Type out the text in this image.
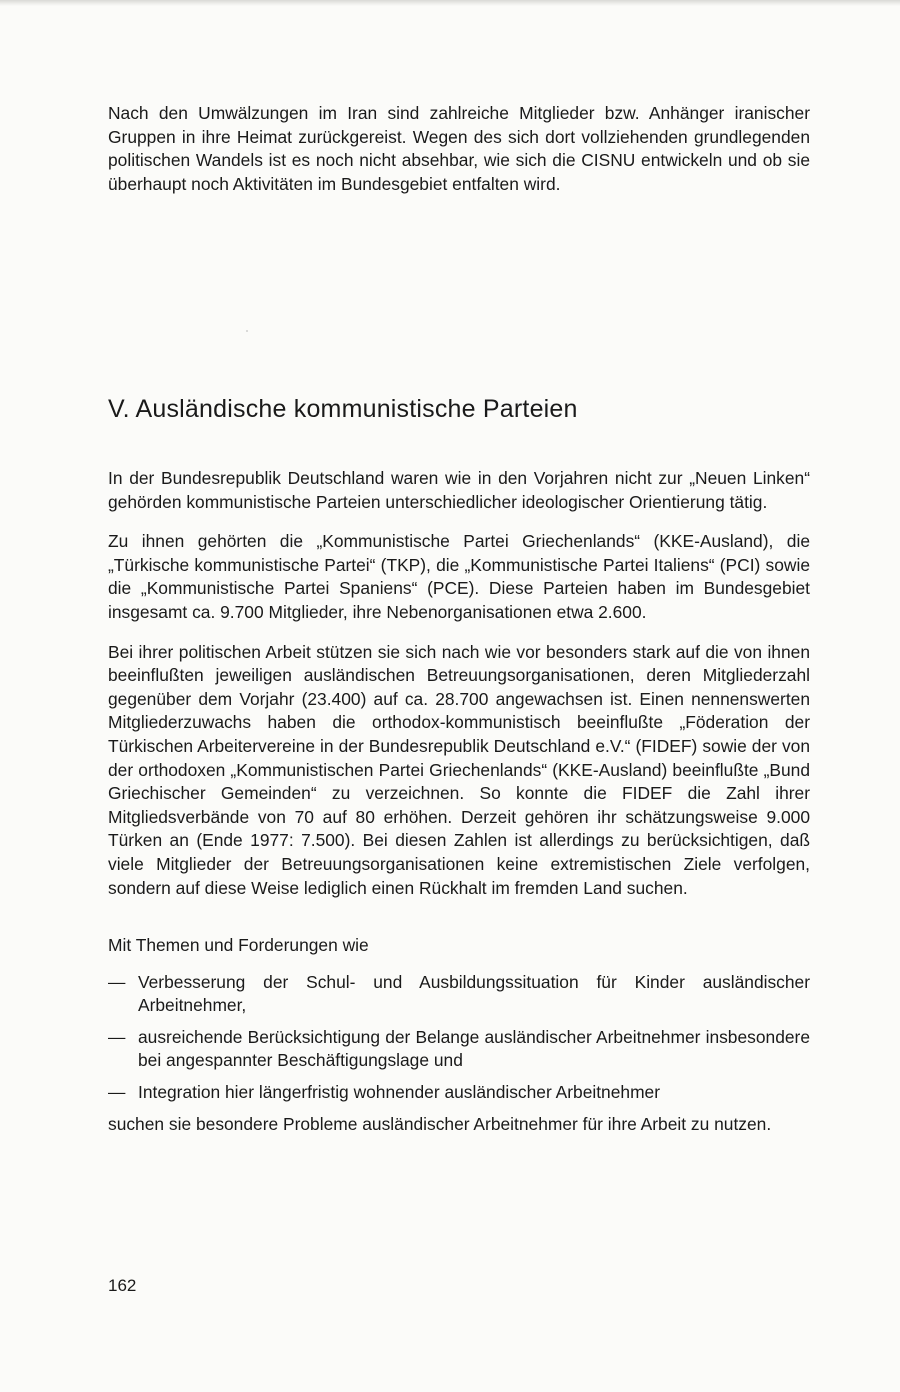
Nach den Umwälzungen im Iran sind zahlreiche Mitglieder bzw. Anhänger iranischer Gruppen in ihre Heimat zurückgereist. Wegen des sich dort vollziehenden grundlegenden politischen Wandels ist es noch nicht absehbar, wie sich die CISNU entwickeln und ob sie überhaupt noch Aktivitäten im Bundesgebiet entfalten wird.

V. Ausländische kommunistische Parteien

In der Bundesrepublik Deutschland waren wie in den Vorjahren nicht zur „Neuen Linken“ gehörden kommunistische Parteien unterschiedlicher ideologischer Orientierung tätig.

Zu ihnen gehörten die „Kommunistische Partei Griechenlands“ (KKE-Ausland), die „Türkische kommunistische Partei“ (TKP), die „Kommunistische Partei Italiens“ (PCI) sowie die „Kommunistische Partei Spaniens“ (PCE). Diese Parteien haben im Bundesgebiet insgesamt ca. 9.700 Mitglieder, ihre Nebenorganisationen etwa 2.600.

Bei ihrer politischen Arbeit stützen sie sich nach wie vor besonders stark auf die von ihnen beeinflußten jeweiligen ausländischen Betreuungsorganisationen, deren Mitgliederzahl gegenüber dem Vorjahr (23.400) auf ca. 28.700 angewachsen ist. Einen nennenswerten Mitgliederzuwachs haben die orthodox-kommunistisch beeinflußte „Föderation der Türkischen Arbeitervereine in der Bundesrepublik Deutschland e.V.“ (FIDEF) sowie der von der orthodoxen „Kommunistischen Partei Griechenlands“ (KKE-Ausland) beeinflußte „Bund Griechischer Gemeinden“ zu verzeichnen. So konnte die FIDEF die Zahl ihrer Mitgliedsverbände von 70 auf 80 erhöhen. Derzeit gehören ihr schätzungsweise 9.000 Türken an (Ende 1977: 7.500). Bei diesen Zahlen ist allerdings zu berücksichtigen, daß viele Mitglieder der Betreuungsorganisationen keine extremistischen Ziele verfolgen, sondern auf diese Weise lediglich einen Rückhalt im fremden Land suchen.

Mit Themen und Forderungen wie

— Verbesserung der Schul- und Ausbildungssituation für Kinder ausländischer Arbeitnehmer,
— ausreichende Berücksichtigung der Belange ausländischer Arbeitnehmer insbesondere bei angespannter Beschäftigungslage und
— Integration hier längerfristig wohnender ausländischer Arbeitnehmer

suchen sie besondere Probleme ausländischer Arbeitnehmer für ihre Arbeit zu nutzen.

162
